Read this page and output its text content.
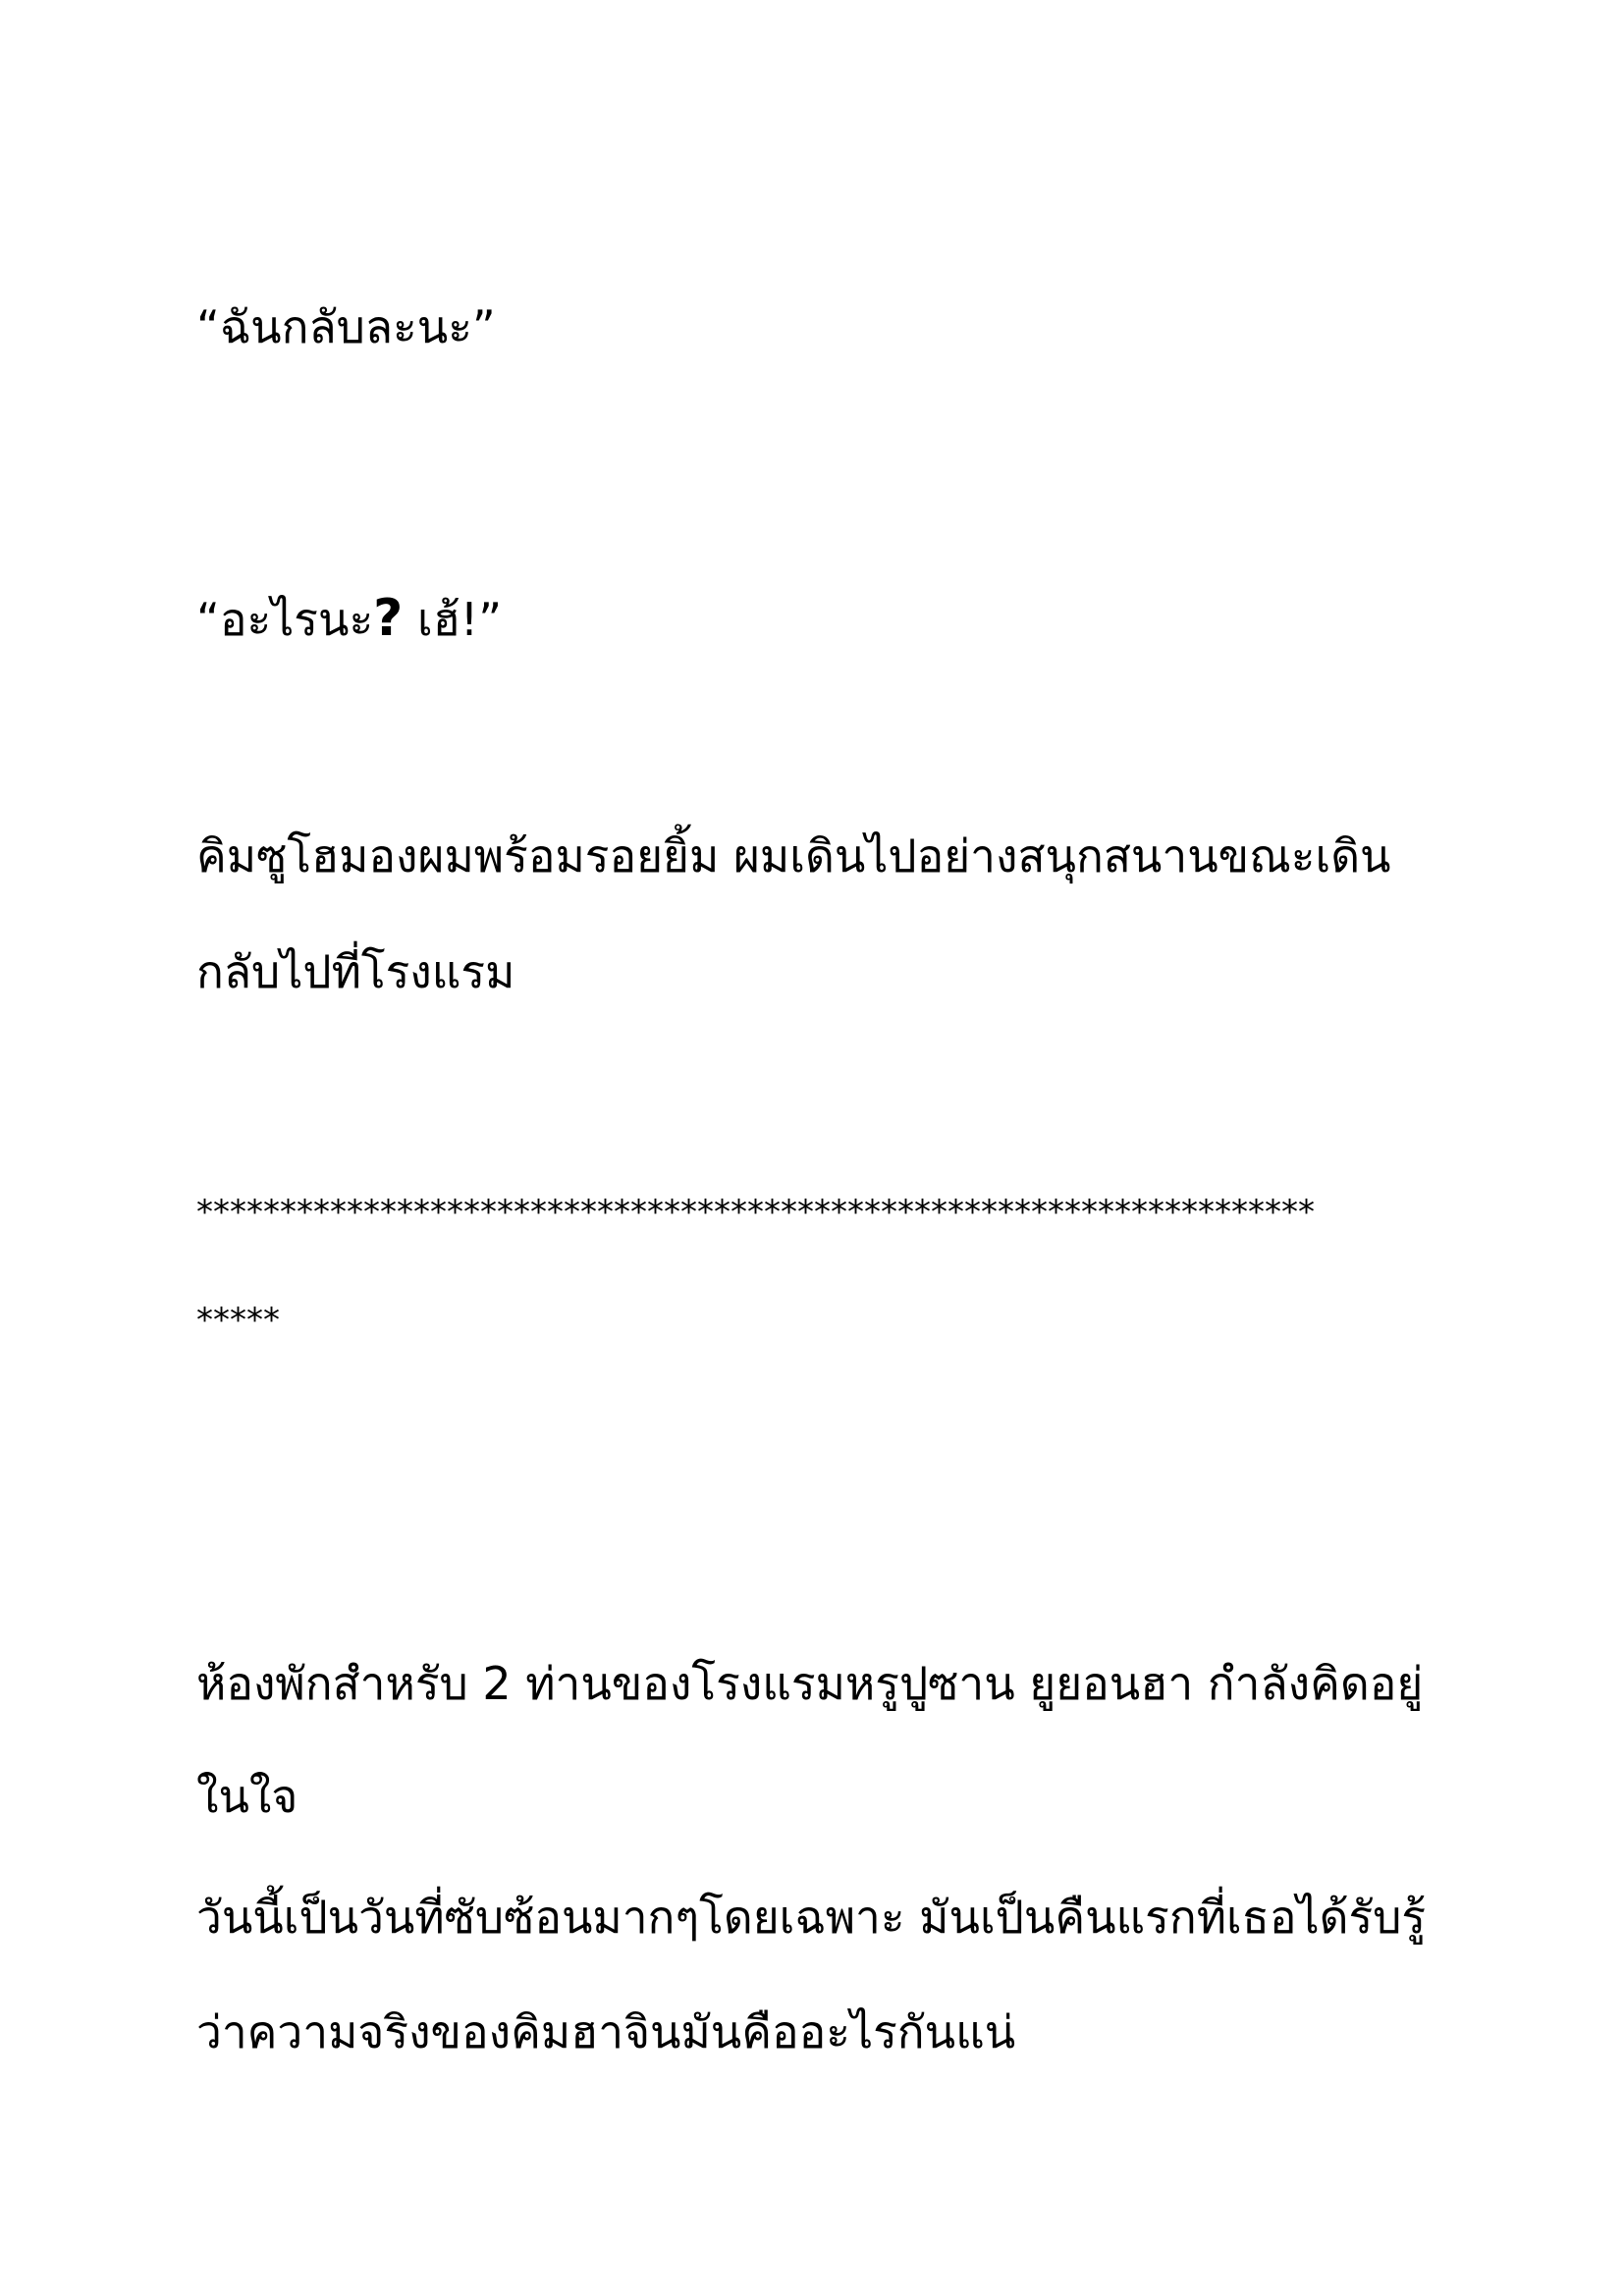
“ฉันกลับละนะ”
“อะไรนะ? เฮ้!”
คิมซูโฮมองผมพร้อมรอยยิ้ม ผมเดินไปอย่างสนุกสนานขณะเดิน
กลับไปที่โรงแรม
*******************************************************************
*****
ห้องพักสำหรับ 2 ท่านของโรงแรมหรูปูซาน ยูยอนฮา กำลังคิดอยู่
ในใจ
วันนี้เป็นวันที่ซับซ้อนมากๆโดยเฉพาะ มันเป็นคืนแรกที่เธอได้รับรู้
ว่าความจริงของคิมฮาจินมันคืออะไรกันแน่
